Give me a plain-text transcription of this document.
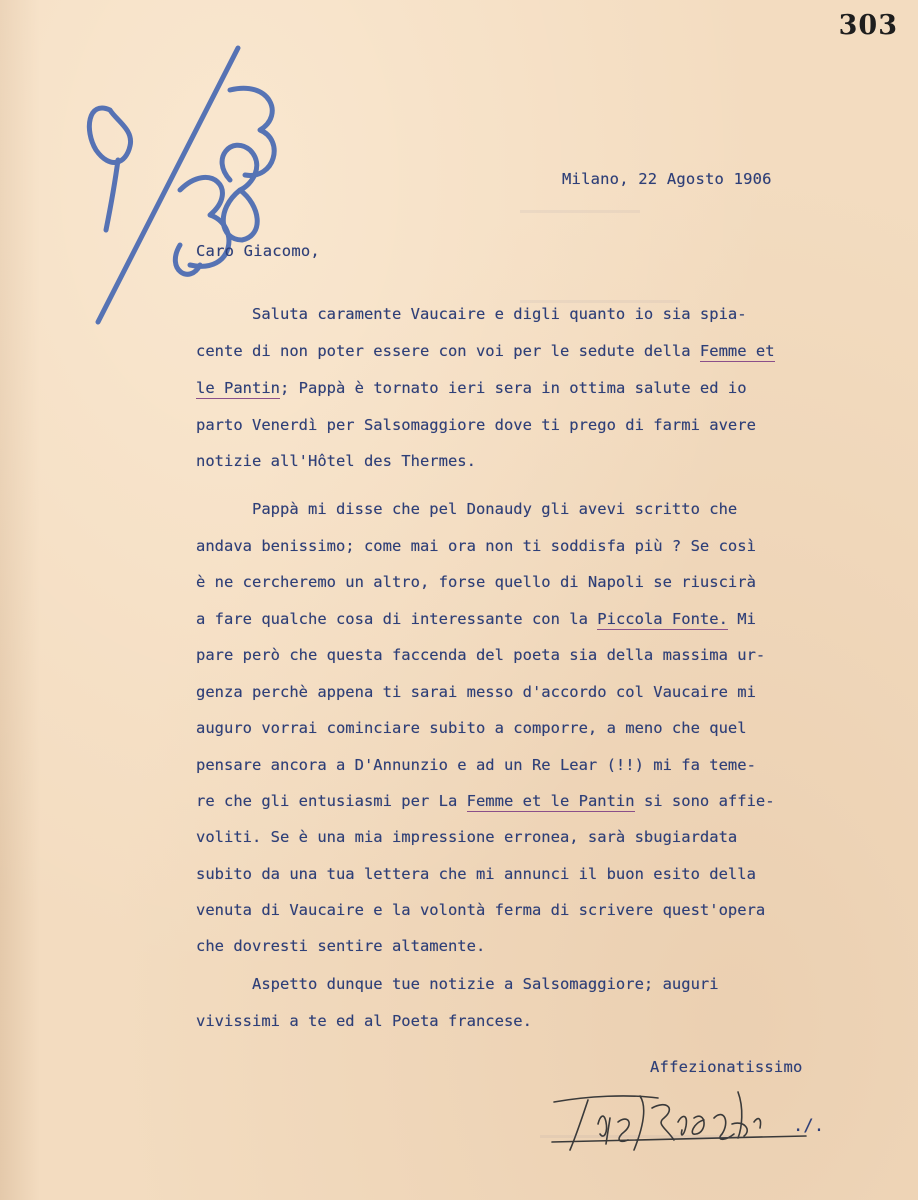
303
Milano, 22 Agosto 1906
Caro Giacomo,
Saluta caramente Vaucaire e digli quanto io sia spia-
cente di non poter essere con voi per le sedute della Femme et
le Pantin; Pappà è tornato ieri sera in ottima salute ed io
parto Venerdì per Salsomaggiore dove ti prego di farmi avere
notizie all'Hôtel des Thermes.
Pappà mi disse che pel Donaudy gli avevi scritto che
andava benissimo; come mai ora non ti soddisfa più ? Se così
è ne cercheremo un altro, forse quello di Napoli se riuscirà
a fare qualche cosa di interessante con la Piccola Fonte. Mi
pare però che questa faccenda del poeta sia della massima ur-
genza perchè appena ti sarai messo d'accordo col Vaucaire mi
auguro vorrai cominciare subito a comporre, a meno che quel
pensare ancora a D'Annunzio e ad un Re Lear (!!) mi fa teme-
re che gli entusiasmi per La Femme et le Pantin si sono affie-
voliti. Se è una mia impressione erronea, sarà sbugiardata
subito da una tua lettera che mi annunci il buon esito della
venuta di Vaucaire e la volontà ferma di scrivere quest'opera
che dovresti sentire altamente.
Aspetto dunque tue notizie a Salsomaggiore; auguri
vivissimi a te ed al Poeta francese.
Affezionatissimo
./.
